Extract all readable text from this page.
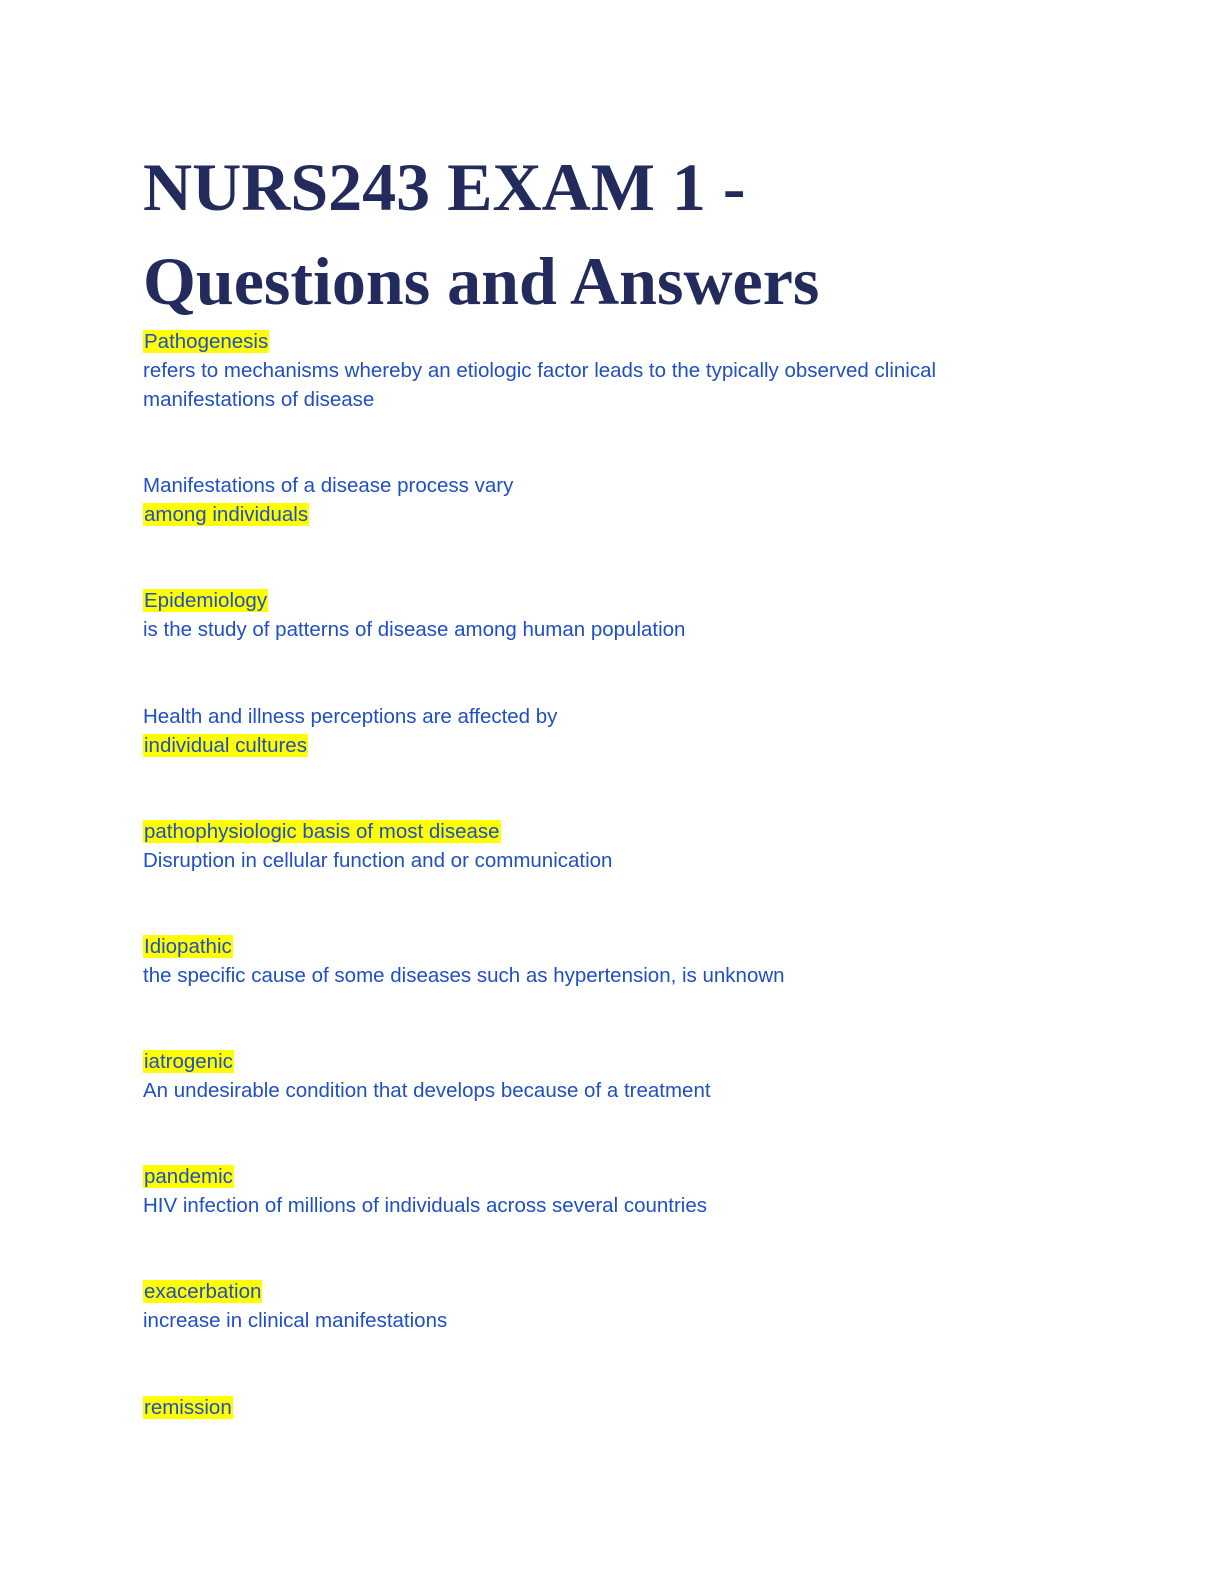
NURS243 EXAM 1 -
Questions and Answers
Pathogenesis
refers to mechanisms whereby an etiologic factor leads to the typically observed clinical manifestations of disease
Manifestations of a disease process vary
among individuals
Epidemiology
is the study of patterns of disease among human population
Health and illness perceptions are affected by
individual cultures
pathophysiologic basis of most disease
Disruption in cellular function and or communication
Idiopathic
the specific cause of some diseases such as hypertension, is unknown
iatrogenic
An undesirable condition that develops because of a treatment
pandemic
HIV infection of millions of individuals across several countries
exacerbation
increase in clinical manifestations
remission
